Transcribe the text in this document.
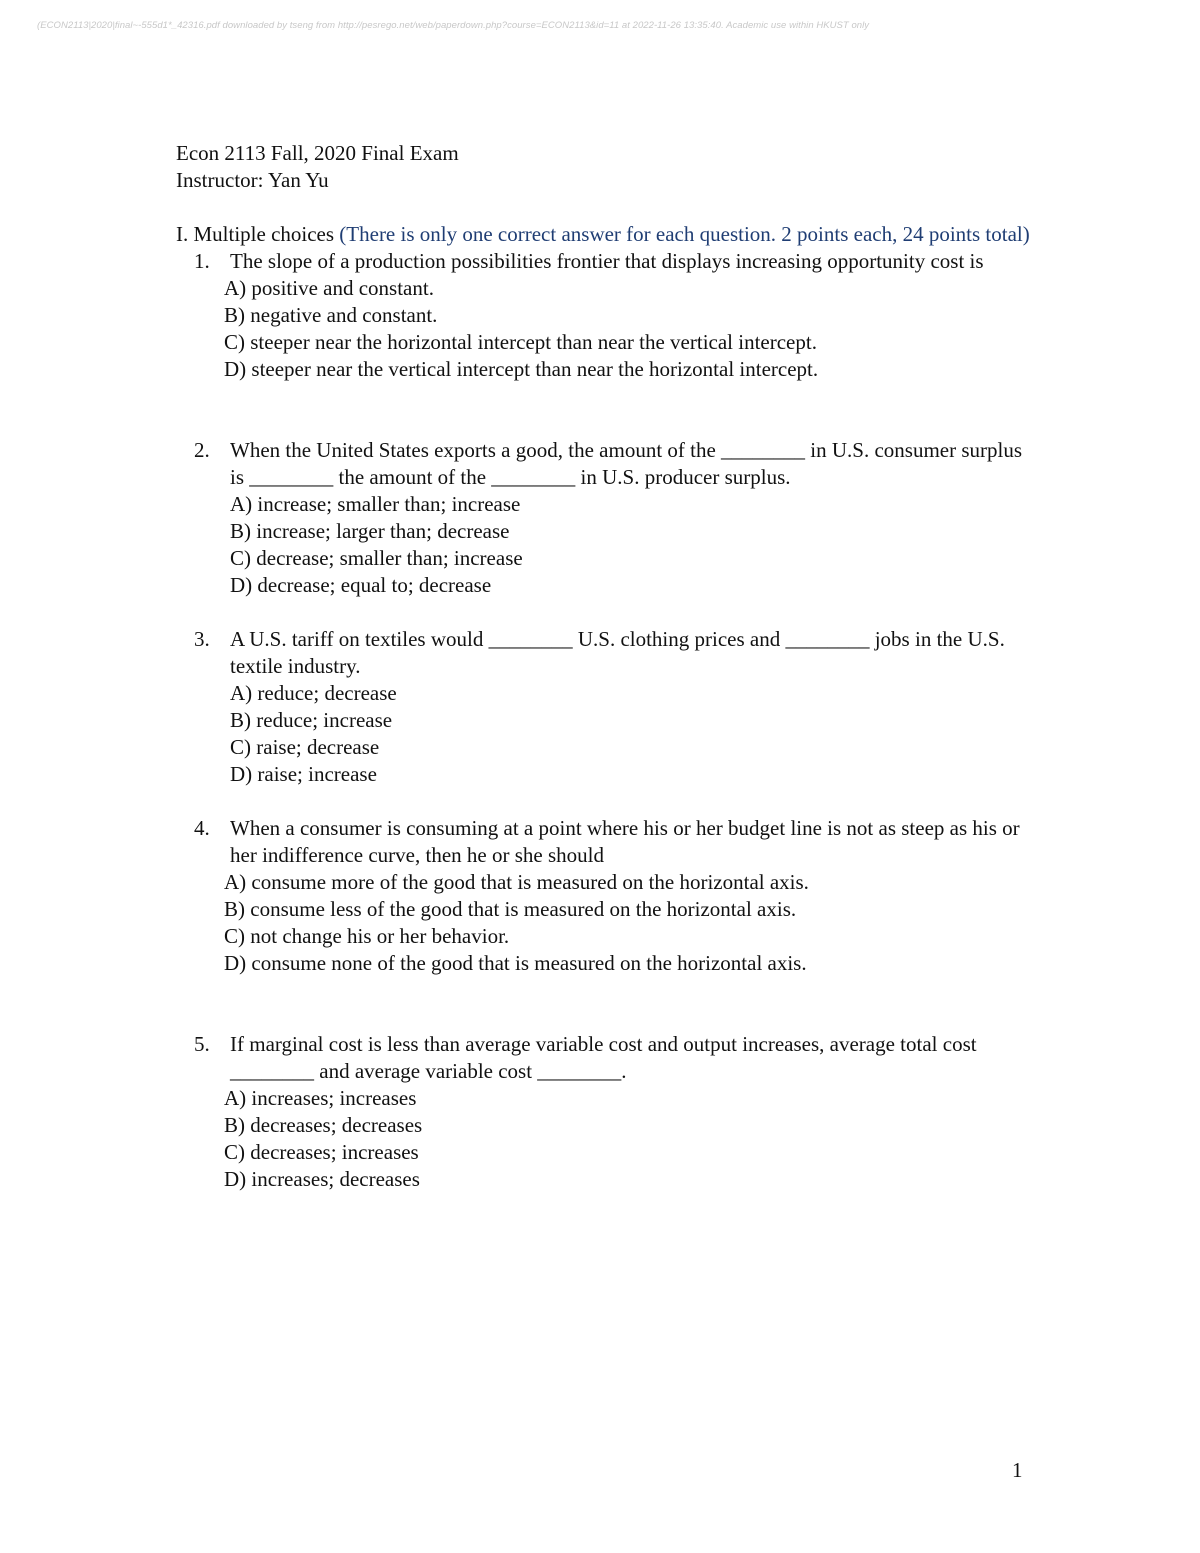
(ECON2113|2020|final~-555d1*_42316.pdf downloaded by tseng from http://pesrego.net/web/paperdown.php?course=ECON2113&id=11 at 2022-11-26 13:35:40. Academic use within HKUST only
Econ 2113 Fall, 2020 Final Exam
Instructor: Yan Yu
I. Multiple choices (There is only one correct answer for each question. 2 points each, 24 points total)
1. The slope of a production possibilities frontier that displays increasing opportunity cost is
A) positive and constant.
B) negative and constant.
C) steeper near the horizontal intercept than near the vertical intercept.
D) steeper near the vertical intercept than near the horizontal intercept.
2. When the United States exports a good, the amount of the ________ in U.S. consumer surplus is ________ the amount of the ________ in U.S. producer surplus.
A) increase; smaller than; increase
B) increase; larger than; decrease
C) decrease; smaller than; increase
D) decrease; equal to; decrease
3. A U.S. tariff on textiles would ________ U.S. clothing prices and ________ jobs in the U.S. textile industry.
A) reduce; decrease
B) reduce; increase
C) raise; decrease
D) raise; increase
4. When a consumer is consuming at a point where his or her budget line is not as steep as his or her indifference curve, then he or she should
A) consume more of the good that is measured on the horizontal axis.
B) consume less of the good that is measured on the horizontal axis.
C) not change his or her behavior.
D) consume none of the good that is measured on the horizontal axis.
5. If marginal cost is less than average variable cost and output increases, average total cost ________ and average variable cost ________.
A) increases; increases
B) decreases; decreases
C) decreases; increases
D) increases; decreases
1
